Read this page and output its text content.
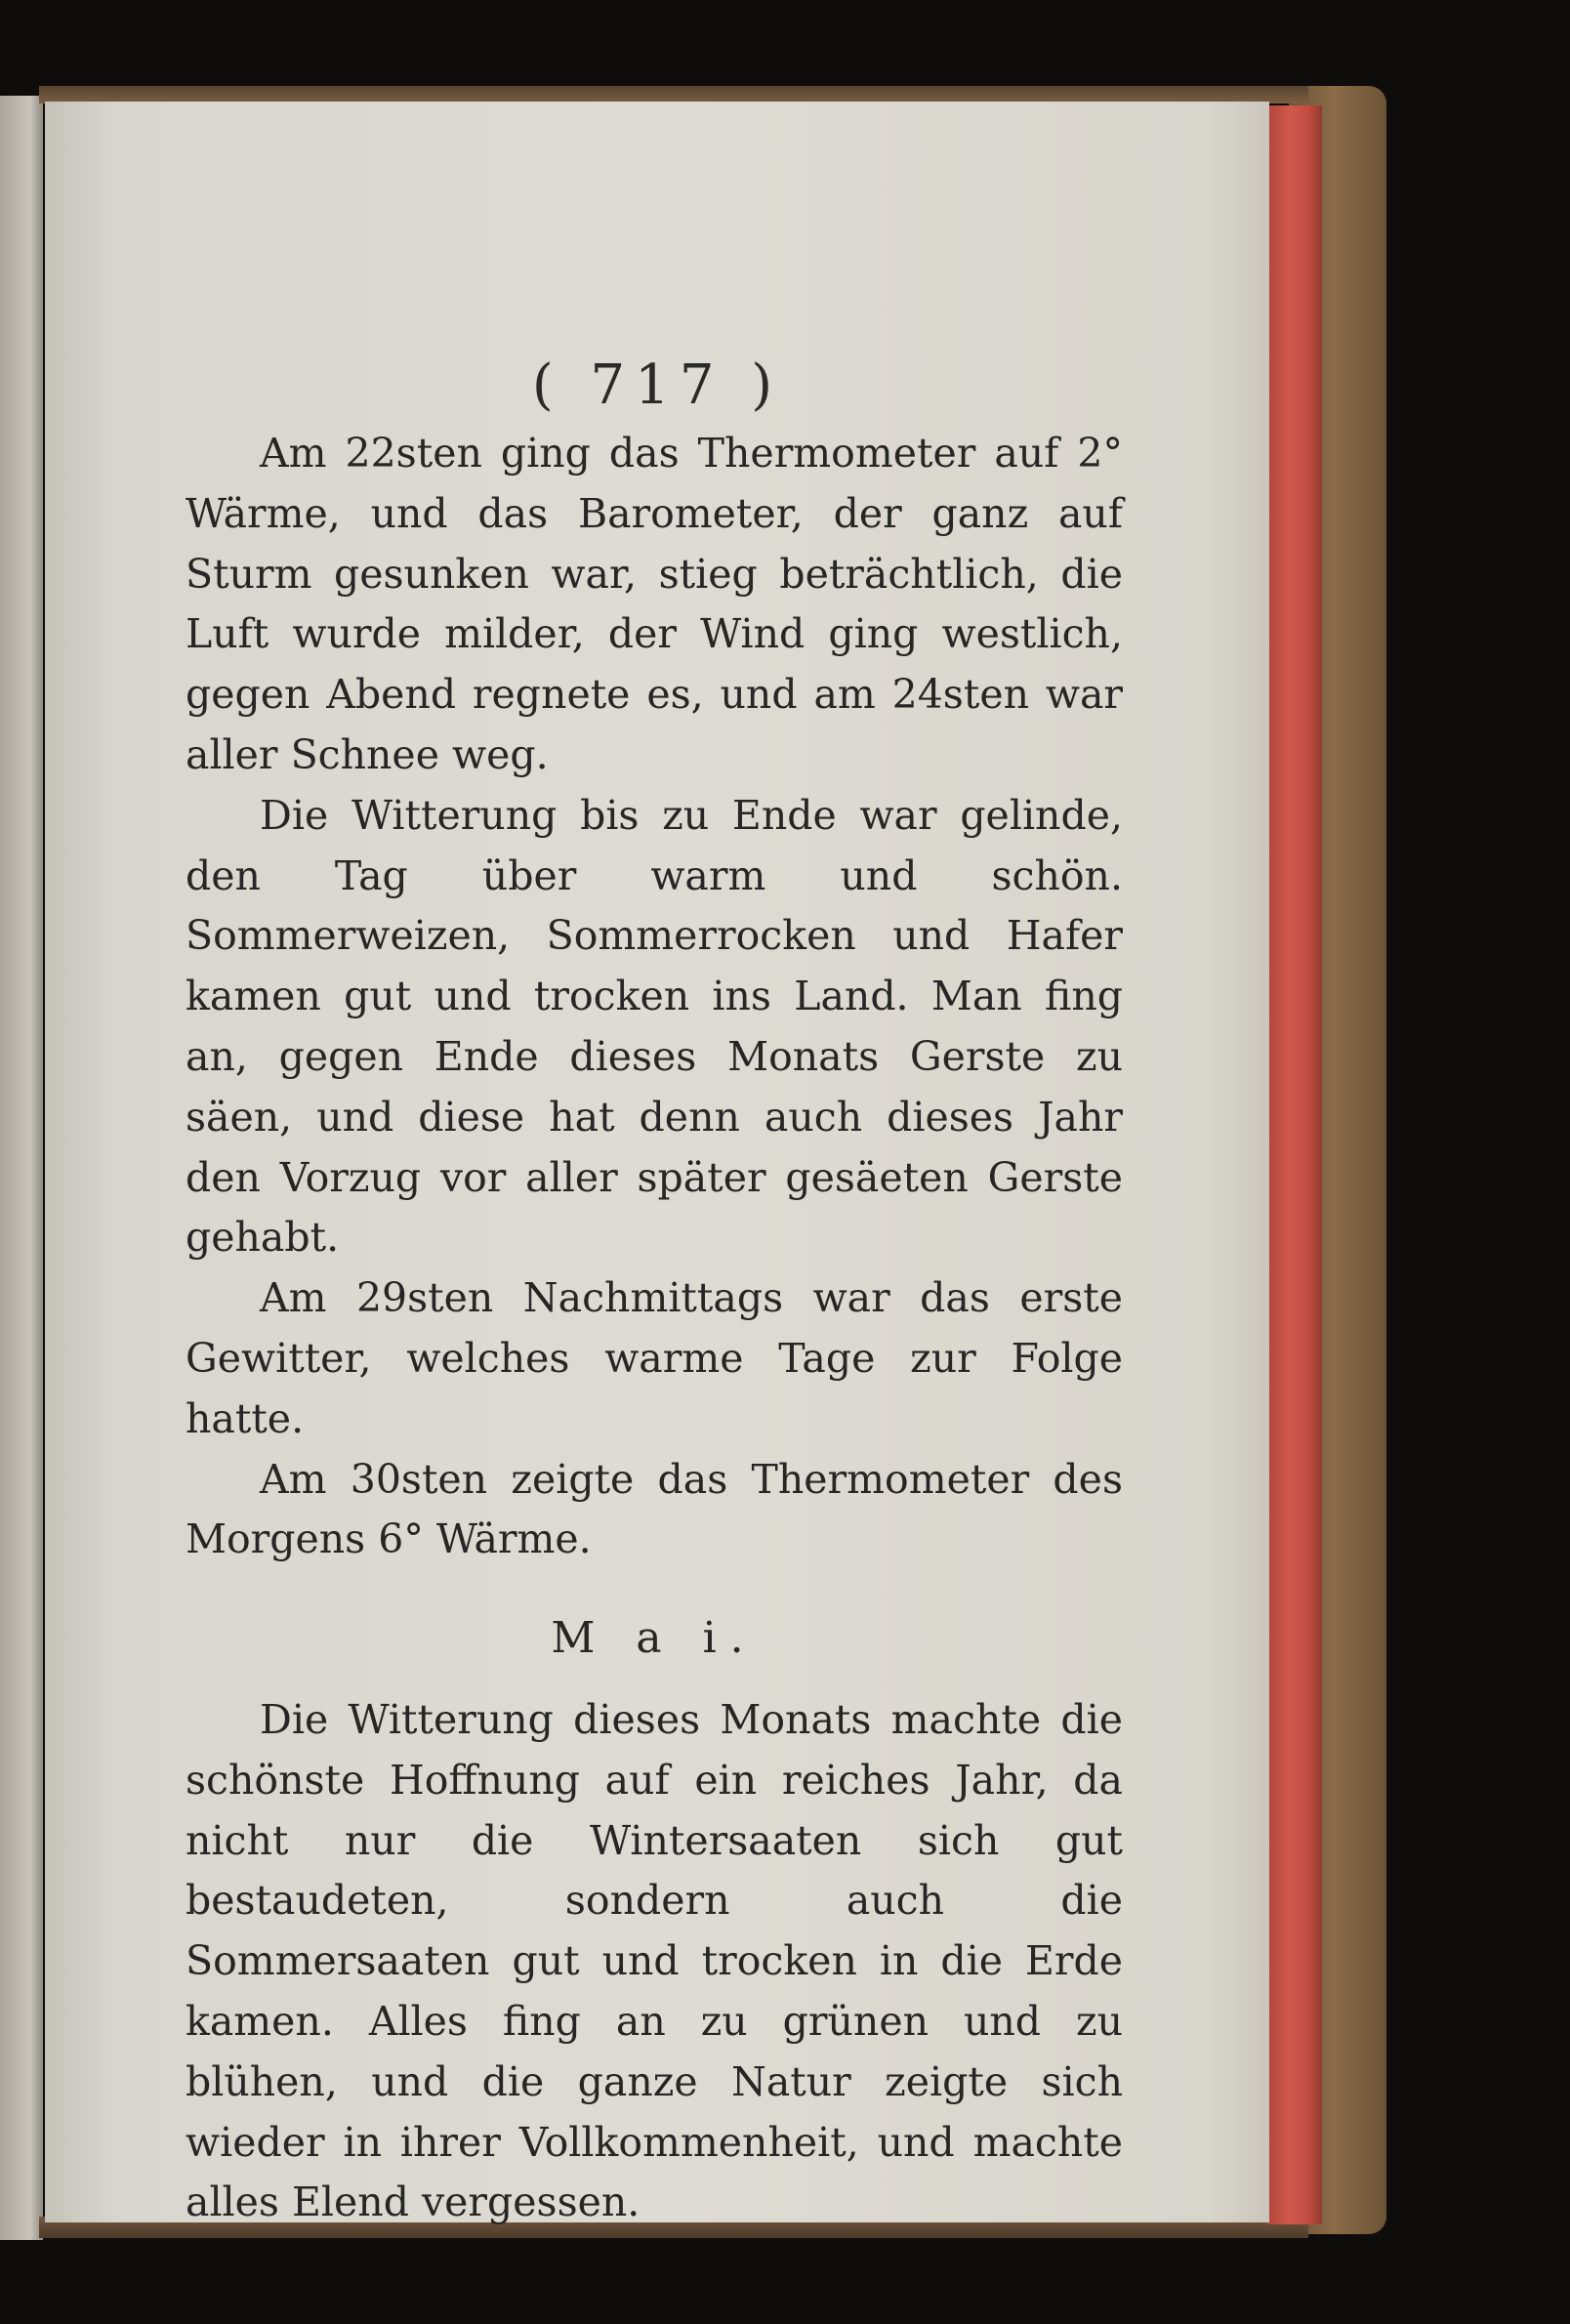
( 717 )

Am 22sten ging das Thermometer auf 2° Wärme, und das Barometer, der ganz auf Sturm gesunken war, stieg beträchtlich, die Luft wurde milder, der Wind ging westlich, gegen Abend regnete es, und am 24sten war aller Schnee weg.

Die Witterung bis zu Ende war gelinde, den Tag über warm und schön. Sommerweizen, Sommerrocken und Hafer kamen gut und trocken ins Land. Man fing an, gegen Ende dieses Monats Gerste zu säen, und diese hat denn auch dieses Jahr den Vorzug vor aller später gesäeten Gerste gehabt.

Am 29sten Nachmittags war das erste Gewitter, welches warme Tage zur Folge hatte.

Am 30sten zeigte das Thermometer des Morgens 6° Wärme.

M a i.

Die Witterung dieses Monats machte die schönste Hoffnung auf ein reiches Jahr, da nicht nur die Wintersaaten sich gut bestaudeten, sondern auch die Sommersaaten gut und trocken in die Erde kamen. Alles fing an zu grünen und zu blühen, und die ganze Natur zeigte sich wieder in ihrer Vollkommenheit, und machte alles Elend vergessen.
